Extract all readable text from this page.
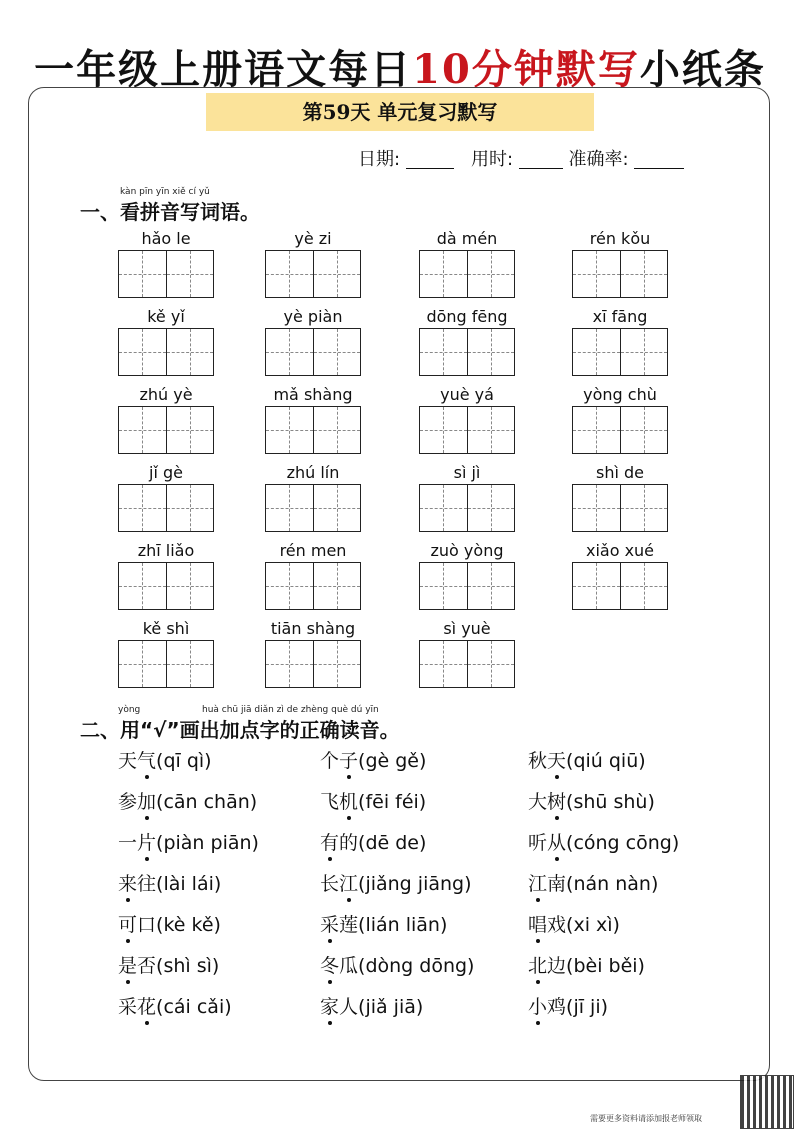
一年级上册语文每日10分钟默写小纸条
第59天 单元复习默写
日期:	用时:	准确率:
kàn pīn yīn xiě cí yǔ
一、看拼音写词语。
hǎo le	yè zi	dà mén	rén kǒu
kě yǐ	yè piàn	dōng fēng	xī fāng
zhú yè	mǎ shàng	yuè yá	yòng chù
jǐ gè	zhú lín	sì jì	shì de
zhī liǎo	rén men	zuò yòng	xiǎo xué
kě shì	tiān shàng	sì yuè
yòng	huà chū jiā diǎn zì de zhèng què dú yīn
二、用“√”画出加点字的正确读音。
天气(qī qì)	个子(gè gě)	秋天(qiú qiū)
参加(cān chān)	飞机(fēi féi)	大树(shū shù)
一片(piàn piān)	有的(dē de)	听从(cóng cōng)
来往(lài lái)	长江(jiǎng jiāng)	江南(nán nàn)
可口(kè kě)	采莲(lián liān)	唱戏(xi xì)
是否(shì sì)	冬瓜(dòng dōng)	北边(bèi běi)
采花(cái cǎi)	家人(jiǎ jiā)	小鸡(jī ji)
需要更多资料请添加报老师领取
